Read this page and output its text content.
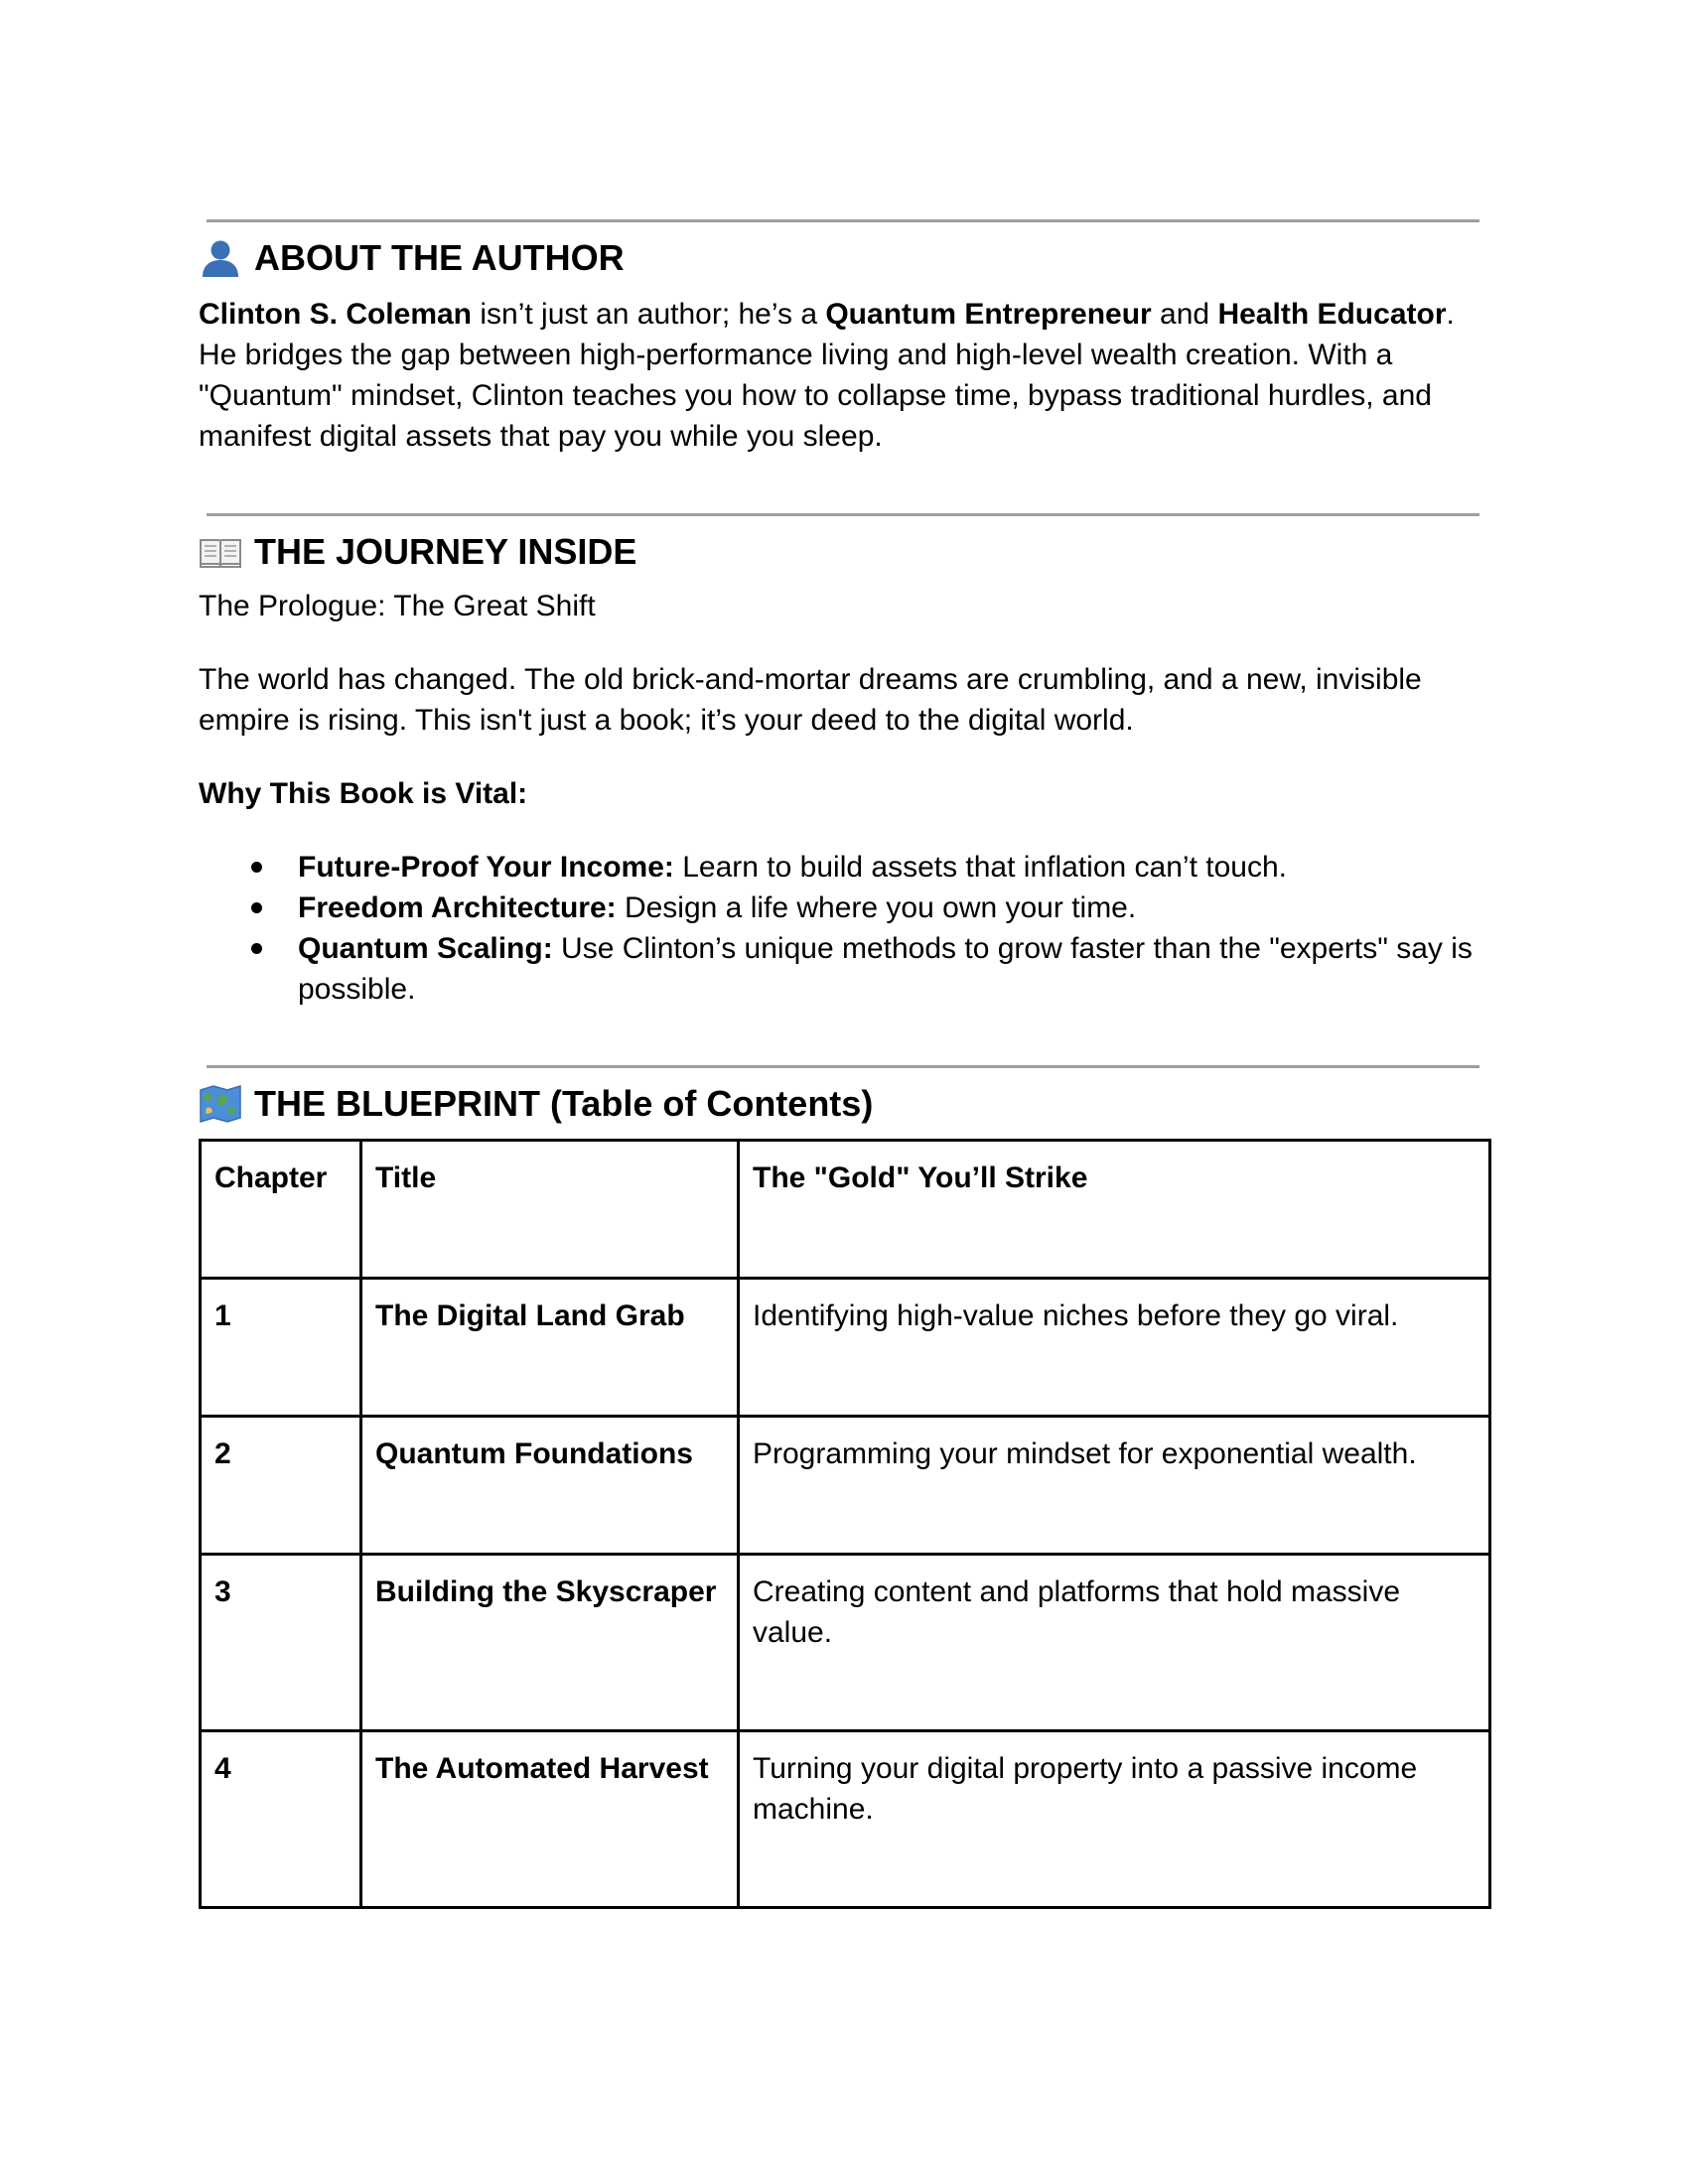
ABOUT THE AUTHOR

Clinton S. Coleman isn’t just an author; he’s a Quantum Entrepreneur and Health Educator. He bridges the gap between high-performance living and high-level wealth creation. With a "Quantum" mindset, Clinton teaches you how to collapse time, bypass traditional hurdles, and manifest digital assets that pay you while you sleep.

THE JOURNEY INSIDE

The Prologue: The Great Shift

The world has changed. The old brick-and-mortar dreams are crumbling, and a new, invisible empire is rising. This isn't just a book; it’s your deed to the digital world.

Why This Book is Vital:

Future-Proof Your Income: Learn to build assets that inflation can’t touch.
Freedom Architecture: Design a life where you own your time.
Quantum Scaling: Use Clinton’s unique methods to grow faster than the "experts" say is possible.
THE BLUEPRINT (Table of Contents)
Chapter	Title	The "Gold" You’ll Strike
1	The Digital Land Grab	Identifying high-value niches before they go viral.
2	Quantum Foundations	Programming your mindset for exponential wealth.
3	Building the Skyscraper	Creating content and platforms that hold massive value.
4	The Automated Harvest	Turning your digital property into a passive income machine.
